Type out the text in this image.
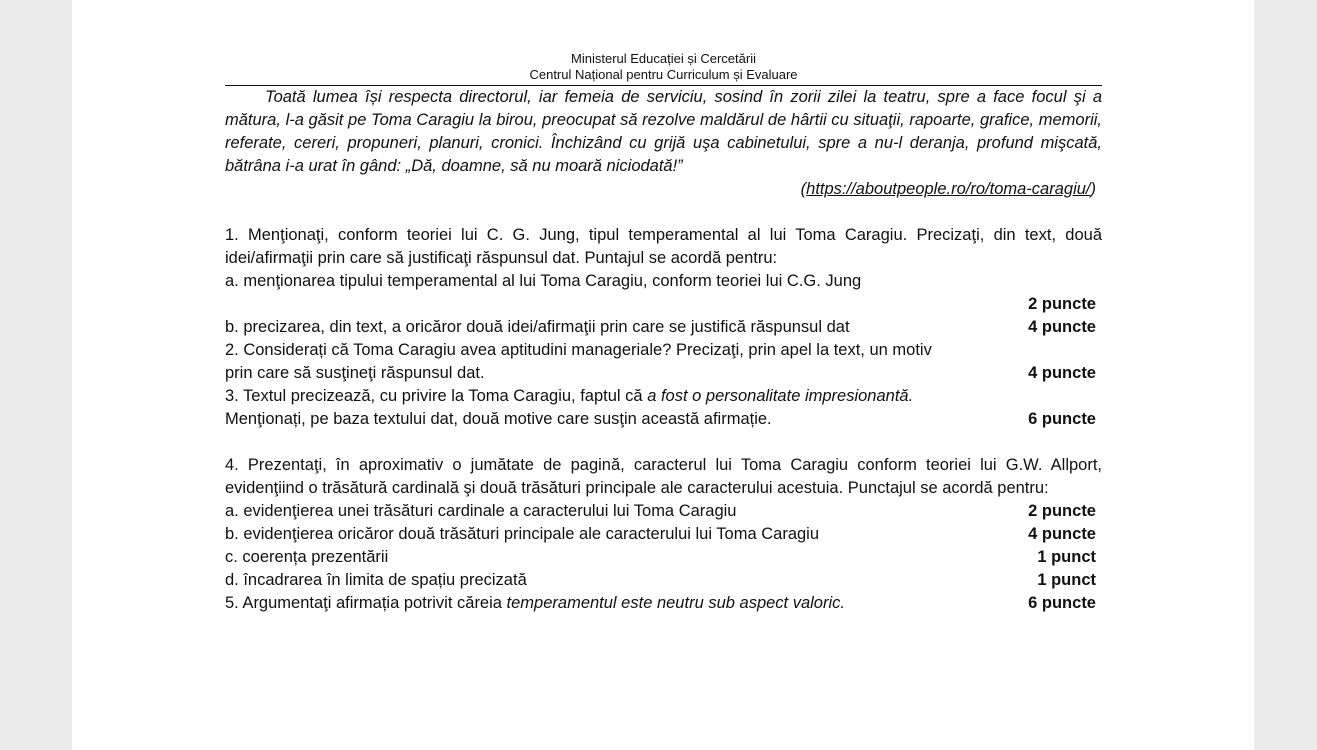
Ministerul Educației și Cercetării
Centrul Național pentru Curriculum și Evaluare
Toată lumea își respecta directorul, iar femeia de serviciu, sosind în zorii zilei la teatru, spre a face focul şi a mătura, l-a găsit pe Toma Caragiu la birou, preocupat să rezolve maldărul de hârtii cu situaţii, rapoarte, grafice, memorii, referate, cereri, propuneri, planuri, cronici. Închizând cu grijă uşa cabinetului, spre a nu-l deranja, profund mişcată, bătrâna i-a urat în gând: „Dă, doamne, să nu moară niciodată!”
(https://aboutpeople.ro/ro/toma-caragiu/)
1. Menţionaţi, conform teoriei lui C. G. Jung, tipul temperamental al lui Toma Caragiu. Precizaţi, din text, două idei/afirmaţii prin care să justificaţi răspunsul dat. Puntajul se acordă pentru:
a. menţionarea tipului temperamental al lui Toma Caragiu, conform teoriei lui C.G. Jung
2 puncte
b. precizarea, din text, a oricăror două idei/afirmaţii prin care se justifică răspunsul dat	4 puncte
2. Considerați că Toma Caragiu avea aptitudini manageriale? Precizaţi, prin apel la text, un motiv
prin care să susţineţi răspunsul dat.	4 puncte
3. Textul precizează, cu privire la Toma Caragiu, faptul că a fost o personalitate impresionantă.
Menţionați, pe baza textului dat, două motive care susţin această afirmație.	6 puncte
4. Prezentaţi, în aproximativ o jumătate de pagină, caracterul lui Toma Caragiu conform teoriei lui G.W. Allport, evidenţiind o trăsătură cardinală şi două trăsături principale ale caracterului acestuia. Punctajul se acordă pentru:
a. evidenţierea unei trăsături cardinale a caracterului lui Toma Caragiu	2 puncte
b. evidenţierea oricăror două trăsături principale ale caracterului lui Toma Caragiu	4 puncte
c. coerența prezentării	1 punct
d. încadrarea în limita de spațiu precizată	1 punct
5. Argumentaţi afirmația potrivit căreia temperamentul este neutru sub aspect valoric.	6 puncte
